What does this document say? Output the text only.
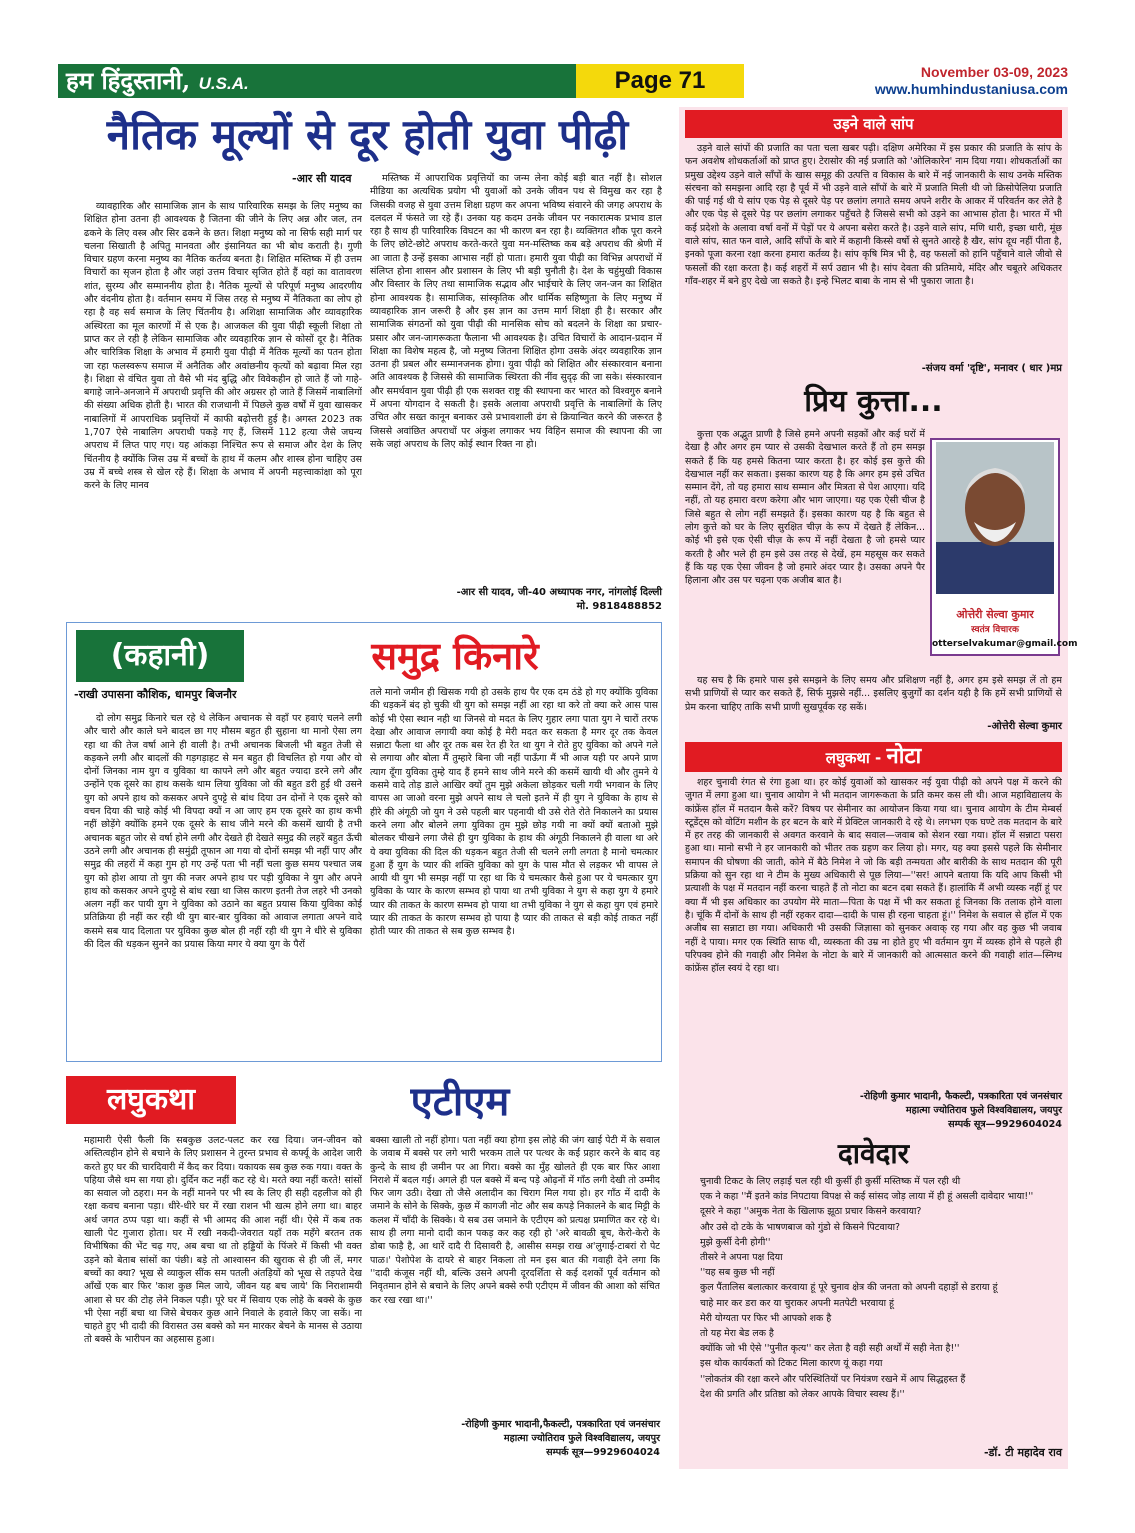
हम हिंदुस्तानी, U.S.A.	Page 71	November 03-09, 2023
www.humhindustaniusa.com
नैतिक मूल्यों से दूर होती युवा पीढ़ी
-आर सी यादव

व्यावहारिक और सामाजिक ज्ञान के साथ पारिवारिक समझ के लिए मनुष्य का शिक्षित होना उतना ही आवश्यक है जितना की जीने के लिए अन्न और जल, तन ढकने के लिए वस्त्र और सिर ढकने के छत। शिक्षा मनुष्य को ना सिर्फ सही मार्ग पर चलना सिखाती है अपितु मानवता और इंसानियत का भी बोध कराती है। गुणी विचार ग्रहण करना मनुष्य का नैतिक कर्तव्य बनता है। शिक्षित मस्तिष्क में ही उत्तम विचारों का सृजन होता है और जहां उत्तम विचार सृजित होते हैं वहां का वातावरण शांत, सुरम्य और सम्माननीय होता है। नैतिक मूल्यों से परिपूर्ण मनुष्य आदरणीय और वंदनीय होता है। वर्तमान समय में जिस तरह से मनुष्य में नैतिकता का लोप हो रहा है वह सर्व समाज के लिए चिंतनीय है। अशिक्षा सामाजिक और व्यावहारिक अस्थिरता का मूल कारणों में से एक है। आजकल की युवा पीढ़ी स्कूली शिक्षा तो प्राप्त कर ले रही है लेकिन सामाजिक और व्यवहारिक ज्ञान से कोसों दूर है। नैतिक और चारित्रिक शिक्षा के अभाव में हमारी युवा पीढ़ी में नैतिक मूल्यों का पतन होता जा रहा फलस्वरूप समाज में अनैतिक और अवांछनीय कृत्यों को बढ़ावा मिल रहा है। शिक्षा से वंचित युवा तो वैसे भी मंद बुद्धि और विवेकहीन हो जाते हैं जो गाहे-बगाहे जाने-अनजाने में अपराधी प्रवृत्ति की ओर अग्रसर हो जाते हैं जिसमें नाबालिगों की संख्या अधिक होती है। भारत की राजधानी में पिछले कुछ वर्षों में युवा खासकर नाबालिगों में आपराधिक प्रवृत्तियों में काफी बढ़ोत्तरी हुई है। अगस्त 2023 तक 1,707 ऐसे नाबालिग अपराधी पकड़े गए हैं, जिसमें 112 हत्या जैसे जघन्य अपराध में लिप्त पाए गए। यह आंकड़ा निश्चित रूप से समाज और देश के लिए चिंतनीय है क्योंकि जिस उम्र में बच्चों के हाथ में कलम और शास्त्र होना चाहिए उस उम्र में बच्चे शस्त्र से खेल रहे हैं। शिक्षा के अभाव में अपनी महत्त्वाकांक्षा को पूरा करने के लिए मानव

मस्तिष्क में आपराधिक प्रवृत्तियों का जन्म लेना कोई बड़ी बात नहीं है। सोशल मीडिया का अत्यधिक प्रयोग भी युवाओं को उनके जीवन पथ से विमुख कर रहा है जिसकी वजह से युवा उत्तम शिक्षा ग्रहण कर अपना भविष्य संवारने की जगह अपराध के दलदल में फंसते जा रहे हैं। उनका यह कदम उनके जीवन पर नकारात्मक प्रभाव डाल रहा है साथ ही पारिवारिक विघटन का भी कारण बन रहा है। व्यक्तिगत शौक पूरा करने के लिए छोटे-छोटे अपराध करते-करते युवा मन-मस्तिष्क कब बड़े अपराध की श्रेणी में आ जाता है उन्हें इसका आभास नहीं हो पाता। हमारी युवा पीढ़ी का विभिन्न अपराधों में संलिप्त होना शासन और प्रशासन के लिए भी बड़ी चुनौती है। देश के चहुंमुखी विकास और विस्तार के लिए तथा सामाजिक सद्भाव और भाईचारे के लिए जन-जन का शिक्षित होना आवश्यक है। सामाजिक, सांस्कृतिक और धार्मिक सहिष्णुता के लिए मनुष्य में व्यावहारिक ज्ञान जरूरी है और इस ज्ञान का उत्तम मार्ग शिक्षा ही है। सरकार और सामाजिक संगठनों को युवा पीढ़ी की मानसिक सोच को बदलने के शिक्षा का प्रचार-प्रसार और जन-जागरूकता फैलाना भी आवश्यक है। उचित विचारों के आदान-प्रदान में शिक्षा का विशेष महत्व है, जो मनुष्य जितना शिक्षित होगा उसके अंदर व्यवहारिक ज्ञान उतना ही प्रबल और सम्मानजनक होगा। युवा पीढ़ी को शिक्षित और संस्कारवान बनाना अति आवश्यक है जिससे की सामाजिक स्थिरता की नींव सुदृढ़ की जा सके। संस्कारवान और समर्थवान युवा पीढ़ी ही एक सशक्त राष्ट्र की स्थापना कर भारत को विश्वगुरु बनाने में अपना योगदान दे सकती है। इसके अलावा अपराधी प्रवृत्ति के नाबालिगों के लिए उचित और सख्त कानून बनाकर उसे प्रभावशाली ढंग से क्रियान्वित करने की जरूरत है जिससे अवांछित अपराधों पर अंकुश लगाकर भय विहिन समाज की स्थापना की जा सके जहां अपराध के लिए कोई स्थान रिक्त ना हो।

-आर सी यादव, जी-40 अध्यापक नगर, नांगलोई दिल्ली
मो. 9818488852
(कहानी)	समुद्र किनारे
-राखी उपासना कौशिक, धामपुर बिजनौर

दो लोग समुद्र किनारे चल रहे थे लेकिन अचानक से वहाँ पर हवाएं चलने लगी और चारो और काले घने बादल छा गए मौसम बहुत ही सुहाना था मानो ऐसा लग रहा था की तेज वर्षा आने ही वाली है। तभी अचानक बिजली भी बहुत तेजी से कड़कने लगी और बादलों की गड़गड़ाहट से मन बहुत ही विचलित हो गया और वो दोनों जिनका नाम युग व युविका था कापने लगे और बहुत ज्यादा डरने लगे और उन्होंने एक दूसरे का हाथ कसके थाम लिया युविका जो की बहुत डरी हुई थी उसने युग को अपने हाथ को कसकर अपने दुपट्टे से बांध दिया उन दोनों ने एक दूसरे को वचन दिया की चाहे कोई भी विपदा क्यों न आ जाए हम एक दूसरे का हाथ कभी नहीं छोड़ेंगे क्योंकि हमने एक दूसरे के साथ जीने मरने की कसमें खायी है तभी अचानक बहुत जोर से वर्षा होने लगी और देखते ही देखते समुद्र की लहरें बहुत ऊँची उठने लगी और अचानक ही समुंद्री तूफान आ गया वो दोनों समझ भी नहीं पाए और समुद्र की लहरों में कहा गुम हो गए उन्हें पता भी नहीं चला कुछ समय पश्चात जब युग को होश आया तो युग की नजर अपने हाथ पर पड़ी युविका ने युग और अपने हाथ को कसकर अपने दुपट्टे से बांध रखा था जिस कारण इतनी तेज लहरे भी उनको अलग नहीं कर पायी युग ने युविका को उठाने का बहुत प्रयास किया युविका कोई प्रतिक्रिया ही नहीं कर रही थी युग बार-बार युविका को आवाज लगाता अपने वादे कसमे सब याद दिलाता पर युविका कुछ बोल ही नहीं रही थी युग ने धीरे से युविका की दिल की धड़कन सुनने का प्रयास किया मगर ये क्या युग के पैरों

तले मानो जमीन ही खिसक गयी हो उसके हाथ पैर एक दम ठंडे हो गए क्योंकि युविका की धड़कनें बंद हो चुकी थी युग को समझ नहीं आ रहा था करे तो क्या करे आस पास कोई भी ऐसा स्थान नही था जिनसे वो मदत के लिए गुहार लगा पाता युग ने चारों तरफ देखा और आवाज लगायी क्या कोई है मेरी मदत कर सकता है मगर दूर तक केवल सन्नाटा फैला था और दूर तक बस रेत ही रेत था युग ने रोते हुए युविका को अपने गले से लगाया और बोला मैं तुम्हारे बिना जी नहीं पाऊँगा मैं भी आज यही पर अपने प्राण त्याग दूँगा युविका तुम्हे याद हैं हमने साथ जीने मरने की कसमें खायी थी और तुमने ये कसमे वादे तोड़ डाले आखिर क्यों तुम मुझे अकेला छोड़कर चली गयी भगवान के लिए वापस आ जाओ वरना मुझे अपने साथ ले चलो इतने में ही युग ने युविका के हाथ से हीरे की अंगूठी जो युग ने उसे पहली बार पहनायी थी उसे रोते रोते निकालने का प्रयास करने लगा और बोलने लगा युविका तुम मुझे छोड़ गयी ना क्यों क्यों बताओ मुझे बोलकर चीखने लगा जैसे ही युग युविका के हाथ की अंगूठी निकालने ही वाला था अरे ये क्या युविका की दिल की धड़कन बहुत तेजी सी चलने लगी लगता है मानो चमत्कार हुआ हैं युग के प्यार की शक्ति युविका को युग के पास मौत से लड़कर भी वापस ले आयी थी युग भी समझ नहीं पा रहा था कि ये चमत्कार कैसे हुआ पर ये चमत्कार युग युविका के प्यार के कारण सम्भव हो पाया था तभी युविका ने युग से कहा युग ये हमारे प्यार की ताकत के कारण सम्भव हो पाया था तभी युविका ने युग से कहा युग एवं हमारे प्यार की ताकत के कारण सम्भव हो पाया है प्यार की ताकत से बड़ी कोई ताकत नहीं होती प्यार की ताकत से सब कुछ सम्भव है।

लघुकथा	एटीएम

महामारी ऐसी फैली कि सबकुछ उलट-पलट कर रख दिया। जन-जीवन को अस्तित्वहीन होने से बचाने के लिए प्रशासन ने तुरन्त प्रभाव से कर्फ्यू के आदेश जारी करते हुए घर की चारदिवारी में कैद कर दिया। यकायक सब कुछ रुक गया। वक्त के पहिया जैसे थम सा गया हो। दुर्दिन कट नहीं कट रहे थे। मरते क्या नहीं करते! सांसों का सवाल जो ठहरा। मन के नहीं मानने पर भी स्व के लिए ही सही दहलीज को ही रक्षा कवच बनाना पड़ा। धीरे-धीरे घर में रखा राशन भी खत्म होने लगा था। बाहर अर्थ जगत ठप्प पड़ा था। कहीं से भी आमद की आश नहीं थी। ऐसे में कब तक खाली पेट गुजारा होता। घर में रखी नकदी-जेवरात यहाँ तक महँगे बरतन तक विभीषिका की भेंट चढ़ गए, अब बचा था तो हड्डियों के पिंजरे में किसी भी वक्त उड़ने को बेताब सांसों का पंछी। बड़े तो आश्वासन की खुराक से ही जी लें, मगर बच्चों का क्या? भूख से व्याकुल सींक सम पतली अंतड़ियों को भूख से तड़पते देख आँखें एक बार फिर 'काश कुछ मिल जाये, जीवन यह बच जाये' कि निराशामयी आशा से घर की टोह लेने निकल पड़ी। पूरे घर में सिवाय एक लोहे के बक्से के कुछ भी ऐसा नहीं बचा था जिसे बेचकर कुछ आने निवाले के हवाले किए जा सकें। ना चाहते हुए भी दादी की विरासत उस बक्से को मन मारकर बेचने के मानस से उठाया तो बक्से के भारीपन का अहसास हुआ।

बक्सा खाली तो नहीं होगा। पता नहीं क्या होगा इस लोहे की जंग खाई पेटी में के सवाल के जवाब में बक्से पर लगे भारी भरकम ताले पर पत्थर के कई प्रहार करने के बाद वह कुन्दे के साथ ही जमीन पर आ गिरा। बक्से का मुँह खोलते ही एक बार फिर आशा निराशे में बदल गई। अगले ही पल बक्से में बन्द पड़े ओढ़नों में गाँठ लगी देखी तो उम्मीद फिर जाग उठी। देखा तो जैसे अलादीन का चिराग मिल गया हो। हर गाँठ में दादी के जमाने के सोने के सिक्के, कुछ में कागजी नोट और सब कपड़े निकालने के बाद मिट्टी के कलश में चाँदी के सिक्के। ये सब उस जमाने के एटीएम को प्रत्यक्ष प्रमाणित कर रहे थे। साथ ही लगा मानो दादी कान पकड़ कर कह रही हो 'अरे बावळी बूच, केरो-केरो के डोबा फाड़ै है, आ थारें दादै री दिसावरी है, आसीस समझ राख अ'लुगाई-टाबरां रो पेट पाळ।' पेशोपेश के दायरे से बाहर निकला तो मन इस बात की गवाही देने लगा कि ''दादी कंजूस नहीं थी, बल्कि उसने अपनी दूरदर्शिता से कई दशकों पूर्व वर्तमान को निवृतमान होने से बचाने के लिए अपने बक्से रुपी एटीएम में जीवन की आशा को संचित कर रख रखा था।''

-रोहिणी कुमार भादानी,फैकल्टी, पत्रकारिता एवं जनसंचार
महात्मा ज्योतिराव फुले विश्वविद्यालय, जयपुर
सम्पर्क सूत्र—9929604024
उड़ने वाले सांप

उड़ने वाले सांपों की प्रजाति का पता चला खबर पढ़ी। दक्षिण अमेरिका में इस प्रकार की प्रजाति के सांप के फन अवशेष शोधकर्ताओं को प्राप्त हुए। टेरासोर की नई प्रजाति को 'ओलिकारेन' नाम दिया गया। शोधकर्ताओं का प्रमुख उद्देश्य उड़ने वाले साँपों के खास समूह की उत्पत्ति व विकास के बारे में नई जानकारी के साथ उनके मस्तिक संरचना को समझना आदि रहा है पूर्व में भी उड़ने वाले साँपों के बारे में प्रजाति मिली थी जो क्रिसोपेलिया प्रजाति की पाई गई थी ये सांप एक पेड़ से दूसरे पेड़ पर छलांग लगाते समय अपने शरीर के आकर में परिवर्तन कर लेते है और एक पेड़ से दूसरे पेड़ पर छलांग लगाकर पहुँचते है जिससे सभी को उड़ने का आभास होता है। भारत में भी कई प्रदेशो के अलावा वर्षा वनों में पेड़ों पर ये अपना बसेरा करते है। उड़ने वाले सांप, मणि धारी, इच्छा धारी, मूंछ वाले सांप, सात फन वाले, आदि साँपों के बारे में कहानी किस्से वर्षो से सुनते आरहे है खैर, सांप दूध नहीं पीता है, इनको पूजा करना रक्षा करना हमारा कर्तव्य है। सांप कृषि मित्र भी है, वह फसलों को हानि पहुँचाने वाले जीवो से फसलों की रक्षा करता है। कई शहरों में सर्प उद्यान भी है। सांप देवता की प्रतिमाये, मंदिर और चबूतरे अधिकतर गाँव-शहर में बने हुए देखे जा सकते है। इन्हे भिलट बाबा के नाम से भी पुकारा जाता है।

-संजय वर्मा 'दृष्टि', मनावर ( धार )मप्र
प्रिय कुत्ता...

कुत्ता एक अद्भुत प्राणी है जिसे हमने अपनी सड़कों और कई घरों में देखा है और अगर हम प्यार से उसकी देखभाल करते हैं तो हम समझ सकते हैं कि यह हमसे कितना प्यार करता है। हर कोई इस कुत्ते की देखभाल नहीं कर सकता। इसका कारण यह है कि अगर हम इसे उचित सम्मान देंगे, तो यह हमारा साथ सम्मान और मित्रता से पेश आएगा। यदि नहीं, तो यह हमारा वरण करेगा और भाग जाएगा। यह एक ऐसी चीज है जिसे बहुत से लोग नहीं समझते हैं। इसका कारण यह है कि बहुत से लोग कुत्ते को घर के लिए सुरक्षित चीज़ के रूप में देखते हैं लेकिन... कोई भी इसे एक ऐसी चीज़ के रूप में नहीं देखता है जो हमसे प्यार करती है और भले ही हम इसे उस तरह से देखें, हम महसूस कर सकते हैं कि यह एक ऐसा जीवन है जो हमारे अंदर प्यार है। उसका अपने पैर हिलाना और उस पर चढ़ना एक अजीब बात है।

ओत्तेरी सेल्वा कुमार
स्वतंत्र विचारक
otterselvakumar@gmail.com

यह सच है कि हमारे पास इसे समझने के लिए समय और प्रशिक्षण नहीं है, अगर हम इसे समझ लें तो हम सभी प्राणियों से प्यार कर सकते हैं, सिर्फ मुझसे नहीं... इसलिए बुजुर्गों का दर्शन यही है कि हमें सभी प्राणियों से प्रेम करना चाहिए ताकि सभी प्राणी सुखपूर्वक रह सकें।

-ओत्तेरी सेल्वा कुमार
लघुकथा - नोटा

शहर चुनावी रंगत से रंगा हुआ था। हर कोई युवाओं को खासकर नई युवा पीढ़ी को अपने पक्ष में करने की जुगत में लगा हुआ था। चुनाव आयोग ने भी मतदान जागरूकता के प्रति कमर कस ली थी। आज महाविद्यालय के कांफ्रेंस हॉल में मतदान कैसे करें? विषय पर सेमीनार का आयोजन किया गया था। चुनाव आयोग के टीम मेम्बर्स स्टूडेंट्स को वोटिंग मशीन के हर बटन के बारे में प्रेक्टिल जानकारी दे रहे थे। लगभग एक घण्टे तक मतदान के बारे में हर तरह की जानकारी से अवगत करवाने के बाद सवाल—जवाब को सेशन रखा गया। हॉल में सन्नाटा पसरा हुआ था। मानो सभी ने हर जानकारी को भीतर तक ग्रहण कर लिया हो। मगर, यह क्या इससे पहले कि सेमीनार समापन की घोषणा की जाती, कोने में बैठे निमेश ने जो कि बड़ी तन्मयता और बारीकी के साथ मतदान की पूरी प्रक्रिया को सुन रहा था ने टीम के मुख्य अधिकारी से पूछ लिया—''सर! आपने बताया कि यदि आप किसी भी प्रत्याशी के पक्ष में मतदान नहीं करना चाहते हैं तो नोटा का बटन दबा सकते हैं। हालांकि मैं अभी व्यस्क नहीं हूं पर क्या मैं भी इस अधिकार का उपयोग मेरे माता—पिता के पक्ष में भी कर सकता हूं जिनका कि तलाक होने वाला है। चूंकि मैं दोनों के साथ ही नहीं रहकर दादा—दादी के पास ही रहना चाहता हूं।'' निमेश के सवाल से हॉल में एक अजीब सा सन्नाटा छा गया। अधिकारी भी उसकी जिज्ञासा को सुनकर अवाक् रह गया और वह कुछ भी जवाब नहीं दे पाया। मगर एक स्थिति साफ थी, व्यस्कता की उम्र ना होते हुए भी वर्तमान युग में व्यस्क होने से पहले ही परिपक्व होने की गवाही और निमेश के नोटा के बारे में जानकारी को आत्मसात करने की गवाही शांत—स्निग्ध कांफ्रेंस हॉल स्वयं दे रहा था।

-रोहिणी कुमार भादानी, फैकल्टी, पत्रकारिता एवं जनसंचार
महात्मा ज्योतिराव फुले विश्वविद्यालय, जयपुर
सम्पर्क सूत्र—9929604024
दावेदार
चुनावी टिकट के लिए लड़ाई चल रही थी कुर्सी ही कुर्सी मस्तिष्क में पल रही थी
एक ने कहा ''मैं इतने कांड निपटाया विपक्ष से कई सांसद जोड़ लाया में ही हूं असली दावेदार भाया!''
दूसरे ने कहा ''अमुक नेता के खिलाफ झूठा प्रचार किसने करवाया?
और उसे दो टके के भाषणबाज को गुंडो से किसने पिटवाया?
मुझे कुर्सी देनी होगी''
तीसरे ने अपना पक्ष दिया
''यह सब कुछ भी नहीं
कुल पैंतालिस बलात्कार करवाया हूं पूरे चुनाव क्षेत्र की जनता को अपनी दहाड़ों से डराया हूं
चाहे मार कर डरा कर या चुराकर अपनी मतपेटी भरवाया हूं
मेरी योग्यता पर फिर भी आपको शक है
तो यह मेरा बेड लक है
क्योंकि जो भी ऐसे ''पुनीत कृत्य'' कर लेता है वही सही अर्थों में सही नेता है!''
इस थोक कार्यकर्ता को टिकट मिला कारण यूं कहा गया
''लोकतंत्र की रक्षा करने और परिस्थितियों पर नियंत्रण रखने में आप सिद्धहस्त हैं
देश की प्रगति और प्रतिष्ठा को लेकर आपके विचार स्वस्थ हैं।''
-डॉ. टी महादेव राव
